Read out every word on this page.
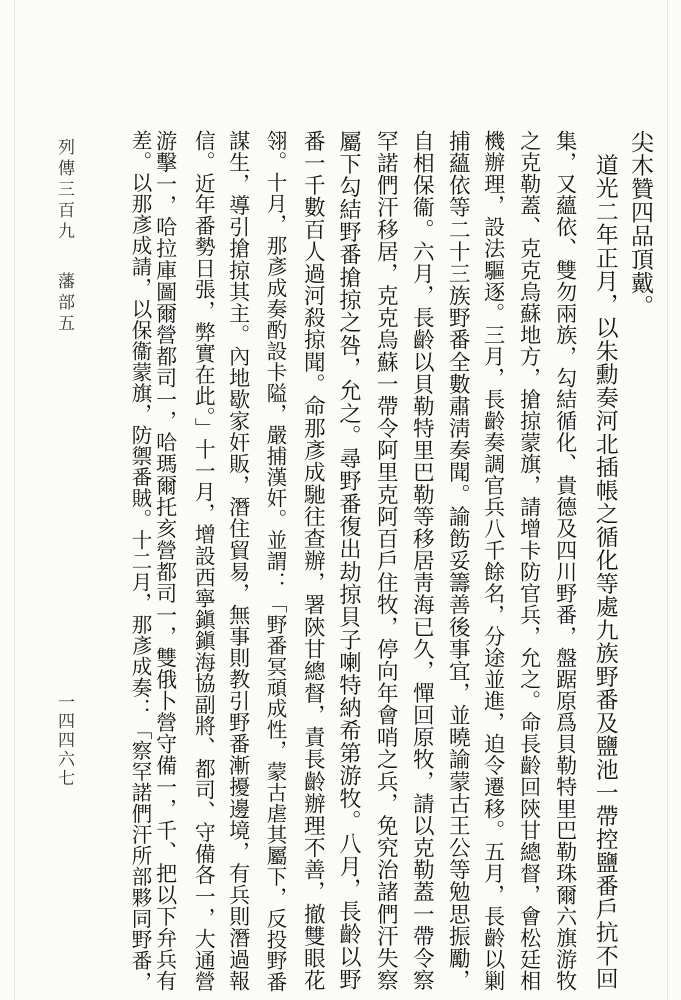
列傳三百九
藩部五
一四四六七
尖木贊四品頂戴。
　道光二年正月，以朱勳奏河北插帳之循化等處九族野番及鹽池一帶控鹽番戶抗不回
集，又蘊依、雙勿兩族，勾結循化、貴德及四川野番，盤踞原爲貝勒特里巴勒珠爾六旗游牧
之克勒蓋、克克烏蘇地方，搶掠蒙旗，請增卡防官兵，允之。命長齡回陝甘總督，會松廷相
機辦理，設法驅逐。三月，長齡奏調官兵八千餘名，分途並進，迫令遷移。五月，長齡以剿
捕蘊依等二十三族野番全數肅淸奏聞。諭飭妥籌善後事宜，並曉諭蒙古王公等勉思振勵，
自相保衞。六月，長齡以貝勒特里巴勒等移居靑海已久，憚回原牧，請以克勒蓋一帶令察
罕諾們汗移居，克克烏蘇一帶令阿里克阿百戶住牧，停向年會哨之兵，免究治諸們汗失察
屬下勾結野番搶掠之咎，允之。尋野番復出劫掠貝子喇特納希第游牧。八月，長齡以野
番一千數百人過河殺掠聞。命那彥成馳往查辦，署陝甘總督，責長齡辦理不善，撤雙眼花
翎。十月，那彥成奏酌設卡隘，嚴捕漢奸。並謂：「野番冥頑成性，蒙古虐其屬下，反投野番
謀生，導引搶掠其主。內地歇家奸販，潛住貿易，無事則教引野番漸擾邊境，有兵則潛過報
信。近年番勢日張，弊實在此。」十一月，增設西寧鎭鎭海協副將、都司、守備各一，大通營
游擊一，哈拉庫圖爾營都司一，哈瑪爾托亥營都司一，雙俄卜營守備一，千、把以下弁兵有
差。以那彥成請，以保衞蒙旗，防禦番賊。十二月，那彥成奏：「察罕諾們汗所部夥同野番，
